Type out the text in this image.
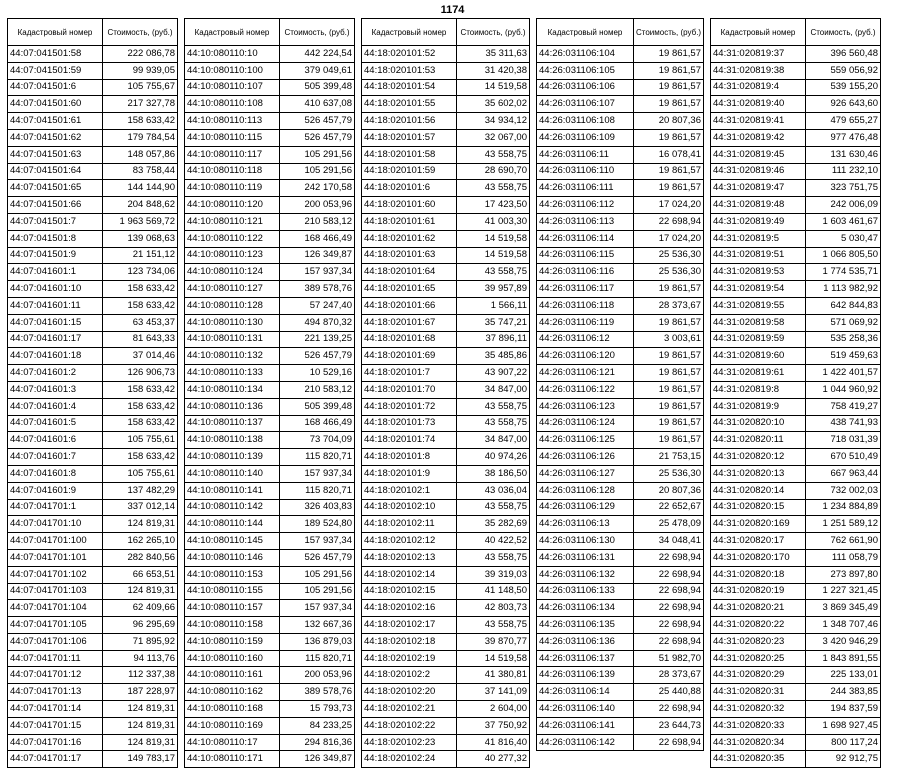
1174
Кадастровый номер	Стоимость, (руб.)
44:07:041501:58	222 086,78
44:07:041501:59	99 939,05
44:07:041501:6	105 755,67
44:07:041501:60	217 327,78
44:07:041501:61	158 633,42
44:07:041501:62	179 784,54
44:07:041501:63	148 057,86
44:07:041501:64	83 758,44
44:07:041501:65	144 144,90
44:07:041501:66	204 848,62
44:07:041501:7	1 963 569,72
44:07:041501:8	139 068,63
44:07:041501:9	21 151,12
44:07:041601:1	123 734,06
44:07:041601:10	158 633,42
44:07:041601:11	158 633,42
44:07:041601:15	63 453,37
44:07:041601:17	81 643,33
44:07:041601:18	37 014,46
44:07:041601:2	126 906,73
44:07:041601:3	158 633,42
44:07:041601:4	158 633,42
44:07:041601:5	158 633,42
44:07:041601:6	105 755,61
44:07:041601:7	158 633,42
44:07:041601:8	105 755,61
44:07:041601:9	137 482,29
44:07:041701:1	337 012,14
44:07:041701:10	124 819,31
44:07:041701:100	162 265,10
44:07:041701:101	282 840,56
44:07:041701:102	66 653,51
44:07:041701:103	124 819,31
44:07:041701:104	62 409,66
44:07:041701:105	96 295,69
44:07:041701:106	71 895,92
44:07:041701:11	94 113,76
44:07:041701:12	112 337,38
44:07:041701:13	187 228,97
44:07:041701:14	124 819,31
44:07:041701:15	124 819,31
44:07:041701:16	124 819,31
44:07:041701:17	149 783,17
Кадастровый номер	Стоимость, (руб.)
44:10:080110:10	442 224,54
44:10:080110:100	379 049,61
44:10:080110:107	505 399,48
44:10:080110:108	410 637,08
44:10:080110:113	526 457,79
44:10:080110:115	526 457,79
44:10:080110:117	105 291,56
44:10:080110:118	105 291,56
44:10:080110:119	242 170,58
44:10:080110:120	200 053,96
44:10:080110:121	210 583,12
44:10:080110:122	168 466,49
44:10:080110:123	126 349,87
44:10:080110:124	157 937,34
44:10:080110:127	389 578,76
44:10:080110:128	57 247,40
44:10:080110:130	494 870,32
44:10:080110:131	221 139,25
44:10:080110:132	526 457,79
44:10:080110:133	10 529,16
44:10:080110:134	210 583,12
44:10:080110:136	505 399,48
44:10:080110:137	168 466,49
44:10:080110:138	73 704,09
44:10:080110:139	115 820,71
44:10:080110:140	157 937,34
44:10:080110:141	115 820,71
44:10:080110:142	326 403,83
44:10:080110:144	189 524,80
44:10:080110:145	157 937,34
44:10:080110:146	526 457,79
44:10:080110:153	105 291,56
44:10:080110:155	105 291,56
44:10:080110:157	157 937,34
44:10:080110:158	132 667,36
44:10:080110:159	136 879,03
44:10:080110:160	115 820,71
44:10:080110:161	200 053,96
44:10:080110:162	389 578,76
44:10:080110:168	15 793,73
44:10:080110:169	84 233,25
44:10:080110:17	294 816,36
44:10:080110:171	126 349,87
Кадастровый номер	Стоимость, (руб.)
44:18:020101:52	35 311,63
44:18:020101:53	31 420,38
44:18:020101:54	14 519,58
44:18:020101:55	35 602,02
44:18:020101:56	34 934,12
44:18:020101:57	32 067,00
44:18:020101:58	43 558,75
44:18:020101:59	28 690,70
44:18:020101:6	43 558,75
44:18:020101:60	17 423,50
44:18:020101:61	41 003,30
44:18:020101:62	14 519,58
44:18:020101:63	14 519,58
44:18:020101:64	43 558,75
44:18:020101:65	39 957,89
44:18:020101:66	1 566,11
44:18:020101:67	35 747,21
44:18:020101:68	37 896,11
44:18:020101:69	35 485,86
44:18:020101:7	43 907,22
44:18:020101:70	34 847,00
44:18:020101:72	43 558,75
44:18:020101:73	43 558,75
44:18:020101:74	34 847,00
44:18:020101:8	40 974,26
44:18:020101:9	38 186,50
44:18:020102:1	43 036,04
44:18:020102:10	43 558,75
44:18:020102:11	35 282,69
44:18:020102:12	40 422,52
44:18:020102:13	43 558,75
44:18:020102:14	39 319,03
44:18:020102:15	41 148,50
44:18:020102:16	42 803,73
44:18:020102:17	43 558,75
44:18:020102:18	39 870,77
44:18:020102:19	14 519,58
44:18:020102:2	41 380,81
44:18:020102:20	37 141,09
44:18:020102:21	2 604,00
44:18:020102:22	37 750,92
44:18:020102:23	41 816,40
44:18:020102:24	40 277,32
Кадастровый номер	Стоимость, (руб.)
44:26:031106:104	19 861,57
44:26:031106:105	19 861,57
44:26:031106:106	19 861,57
44:26:031106:107	19 861,57
44:26:031106:108	20 807,36
44:26:031106:109	19 861,57
44:26:031106:11	16 078,41
44:26:031106:110	19 861,57
44:26:031106:111	19 861,57
44:26:031106:112	17 024,20
44:26:031106:113	22 698,94
44:26:031106:114	17 024,20
44:26:031106:115	25 536,30
44:26:031106:116	25 536,30
44:26:031106:117	19 861,57
44:26:031106:118	28 373,67
44:26:031106:119	19 861,57
44:26:031106:12	3 003,61
44:26:031106:120	19 861,57
44:26:031106:121	19 861,57
44:26:031106:122	19 861,57
44:26:031106:123	19 861,57
44:26:031106:124	19 861,57
44:26:031106:125	19 861,57
44:26:031106:126	21 753,15
44:26:031106:127	25 536,30
44:26:031106:128	20 807,36
44:26:031106:129	22 652,67
44:26:031106:13	25 478,09
44:26:031106:130	34 048,41
44:26:031106:131	22 698,94
44:26:031106:132	22 698,94
44:26:031106:133	22 698,94
44:26:031106:134	22 698,94
44:26:031106:135	22 698,94
44:26:031106:136	22 698,94
44:26:031106:137	51 982,70
44:26:031106:139	28 373,67
44:26:031106:14	25 440,88
44:26:031106:140	22 698,94
44:26:031106:141	23 644,73
44:26:031106:142	22 698,94
Кадастровый номер	Стоимость, (руб.)
44:31:020819:37	396 560,48
44:31:020819:38	559 056,92
44:31:020819:4	539 155,20
44:31:020819:40	926 643,60
44:31:020819:41	479 655,27
44:31:020819:42	977 476,48
44:31:020819:45	131 630,46
44:31:020819:46	111 232,10
44:31:020819:47	323 751,75
44:31:020819:48	242 006,09
44:31:020819:49	1 603 461,67
44:31:020819:5	5 030,47
44:31:020819:51	1 066 805,50
44:31:020819:53	1 774 535,71
44:31:020819:54	1 113 982,92
44:31:020819:55	642 844,83
44:31:020819:58	571 069,92
44:31:020819:59	535 258,36
44:31:020819:60	519 459,63
44:31:020819:61	1 422 401,57
44:31:020819:8	1 044 960,92
44:31:020819:9	758 419,27
44:31:020820:10	438 741,93
44:31:020820:11	718 031,39
44:31:020820:12	670 510,49
44:31:020820:13	667 963,44
44:31:020820:14	732 002,03
44:31:020820:15	1 234 884,89
44:31:020820:169	1 251 589,12
44:31:020820:17	762 661,90
44:31:020820:170	111 058,79
44:31:020820:18	273 897,80
44:31:020820:19	1 227 321,45
44:31:020820:21	3 869 345,49
44:31:020820:22	1 348 707,46
44:31:020820:23	3 420 946,29
44:31:020820:25	1 843 891,55
44:31:020820:29	225 133,01
44:31:020820:31	244 383,85
44:31:020820:32	194 837,59
44:31:020820:33	1 698 927,45
44:31:020820:34	800 117,24
44:31:020820:35	92 912,75
